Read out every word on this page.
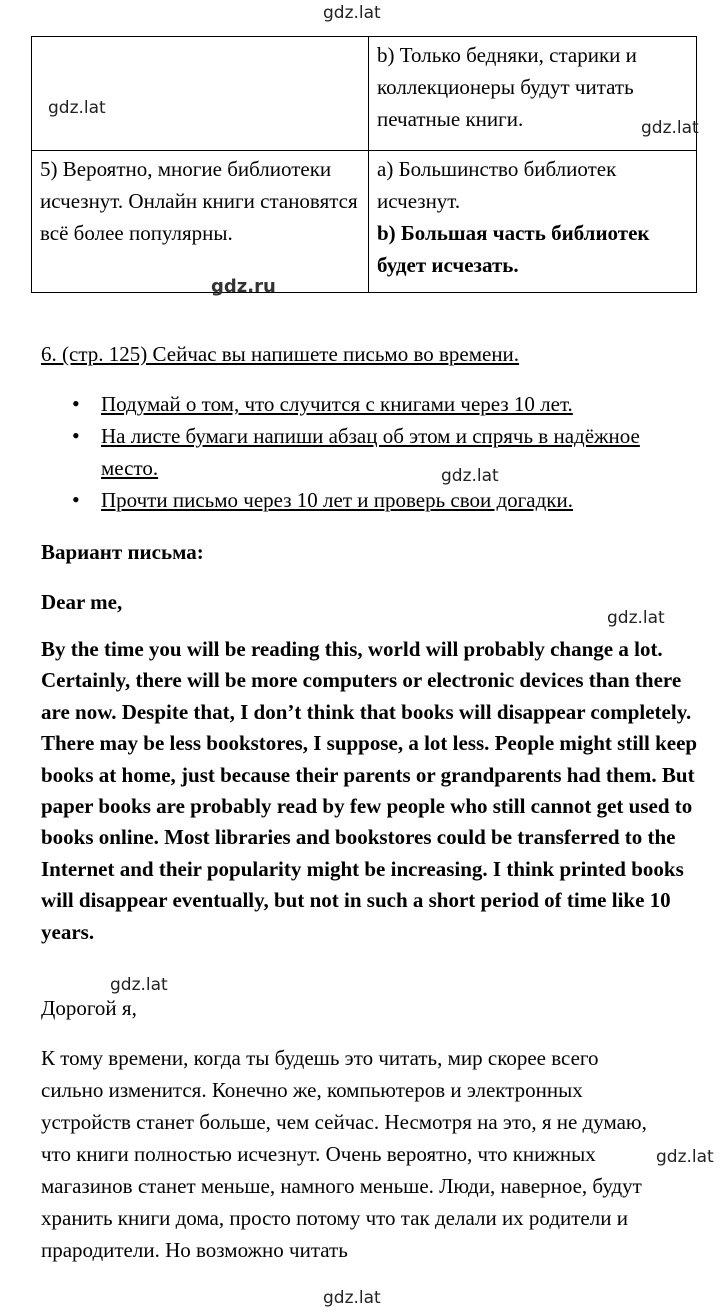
gdz.lat
	b) Только бедняки, старики и коллекционеры будут читать печатные книги.
5) Вероятно, многие библиотеки исчезнут. Онлайн книги становятся всё более популярны.	a) Большинство библиотек исчезнут.
b) Большая часть библиотек будет исчезать.
gdz.lat
gdz.lat
gdz.ru
6. (стр. 125) Сейчас вы напишете письмо во времени.
• Подумай о том, что случится с книгами через 10 лет.
• На листе бумаги напиши абзац об этом и спрячь в надёжное место.
• Прочти письмо через 10 лет и проверь свои догадки.
gdz.lat
Вариант письма:
Dear me,
gdz.lat

By the time you will be reading this, world will probably change a lot. Certainly, there will be more computers or electronic devices than there are now. Despite that, I don’t think that books will disappear completely. There may be less bookstores, I suppose, a lot less. People might still keep books at home, just because their parents or grandparents had them. But paper books are probably read by few people who still cannot get used to books online. Most libraries and bookstores could be transferred to the Internet and their popularity might be increasing. I think printed books will disappear eventually, but not in such a short period of time like 10 years.

gdz.lat
Дорогой я,

К тому времени, когда ты будешь это читать, мир скорее всего сильно изменится. Конечно же, компьютеров и электронных устройств станет больше, чем сейчас. Несмотря на это, я не думаю, что книги полностью исчезнут. Очень вероятно, что книжных магазинов станет меньше, намного меньше. Люди, наверное, будут хранить книги дома, просто потому что так делали их родители и прародители. Но возможно читать

gdz.lat
gdz.lat
